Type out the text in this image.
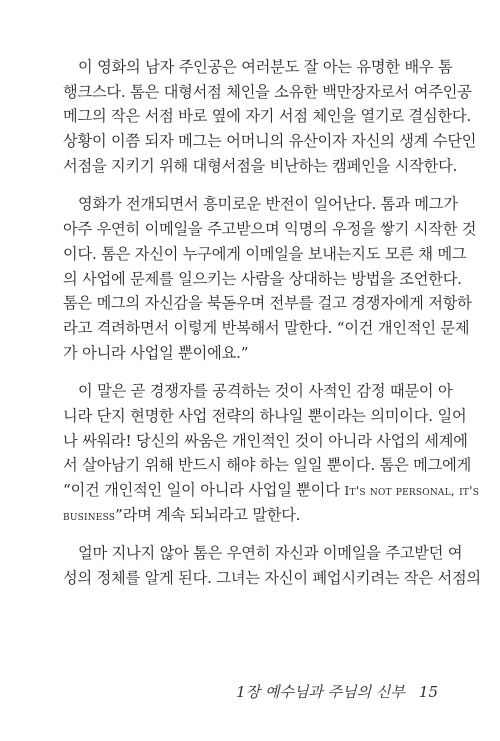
이 영화의 남자 주인공은 여러분도 잘 아는 유명한 배우 톰
행크스다. 톰은 대형서점 체인을 소유한 백만장자로서 여주인공
메그의 작은 서점 바로 옆에 자기 서점 체인을 열기로 결심한다.
상황이 이쯤 되자 메그는 어머니의 유산이자 자신의 생계 수단인
서점을 지키기 위해 대형서점을 비난하는 캠페인을 시작한다.
영화가 전개되면서 흥미로운 반전이 일어난다. 톰과 메그가
아주 우연히 이메일을 주고받으며 익명의 우정을 쌓기 시작한 것
이다. 톰은 자신이 누구에게 이메일을 보내는지도 모른 채 메그
의 사업에 문제를 일으키는 사람을 상대하는 방법을 조언한다.
톰은 메그의 자신감을 북돋우며 전부를 걸고 경쟁자에게 저항하
라고 격려하면서 이렇게 반복해서 말한다. “이건 개인적인 문제
가 아니라 사업일 뿐이에요.”
이 말은 곧 경쟁자를 공격하는 것이 사적인 감정 때문이 아
니라 단지 현명한 사업 전략의 하나일 뿐이라는 의미이다. 일어
나 싸워라! 당신의 싸움은 개인적인 것이 아니라 사업의 세계에
서 살아남기 위해 반드시 해야 하는 일일 뿐이다. 톰은 메그에게
“이건 개인적인 일이 아니라 사업일 뿐이다 It's not personal, it's
business”라며 계속 되뇌라고 말한다.
얼마 지나지 않아 톰은 우연히 자신과 이메일을 주고받던 여
성의 정체를 알게 된다. 그녀는 자신이 폐업시키려는 작은 서점의
1장 예수님과 주님의 신부 15
